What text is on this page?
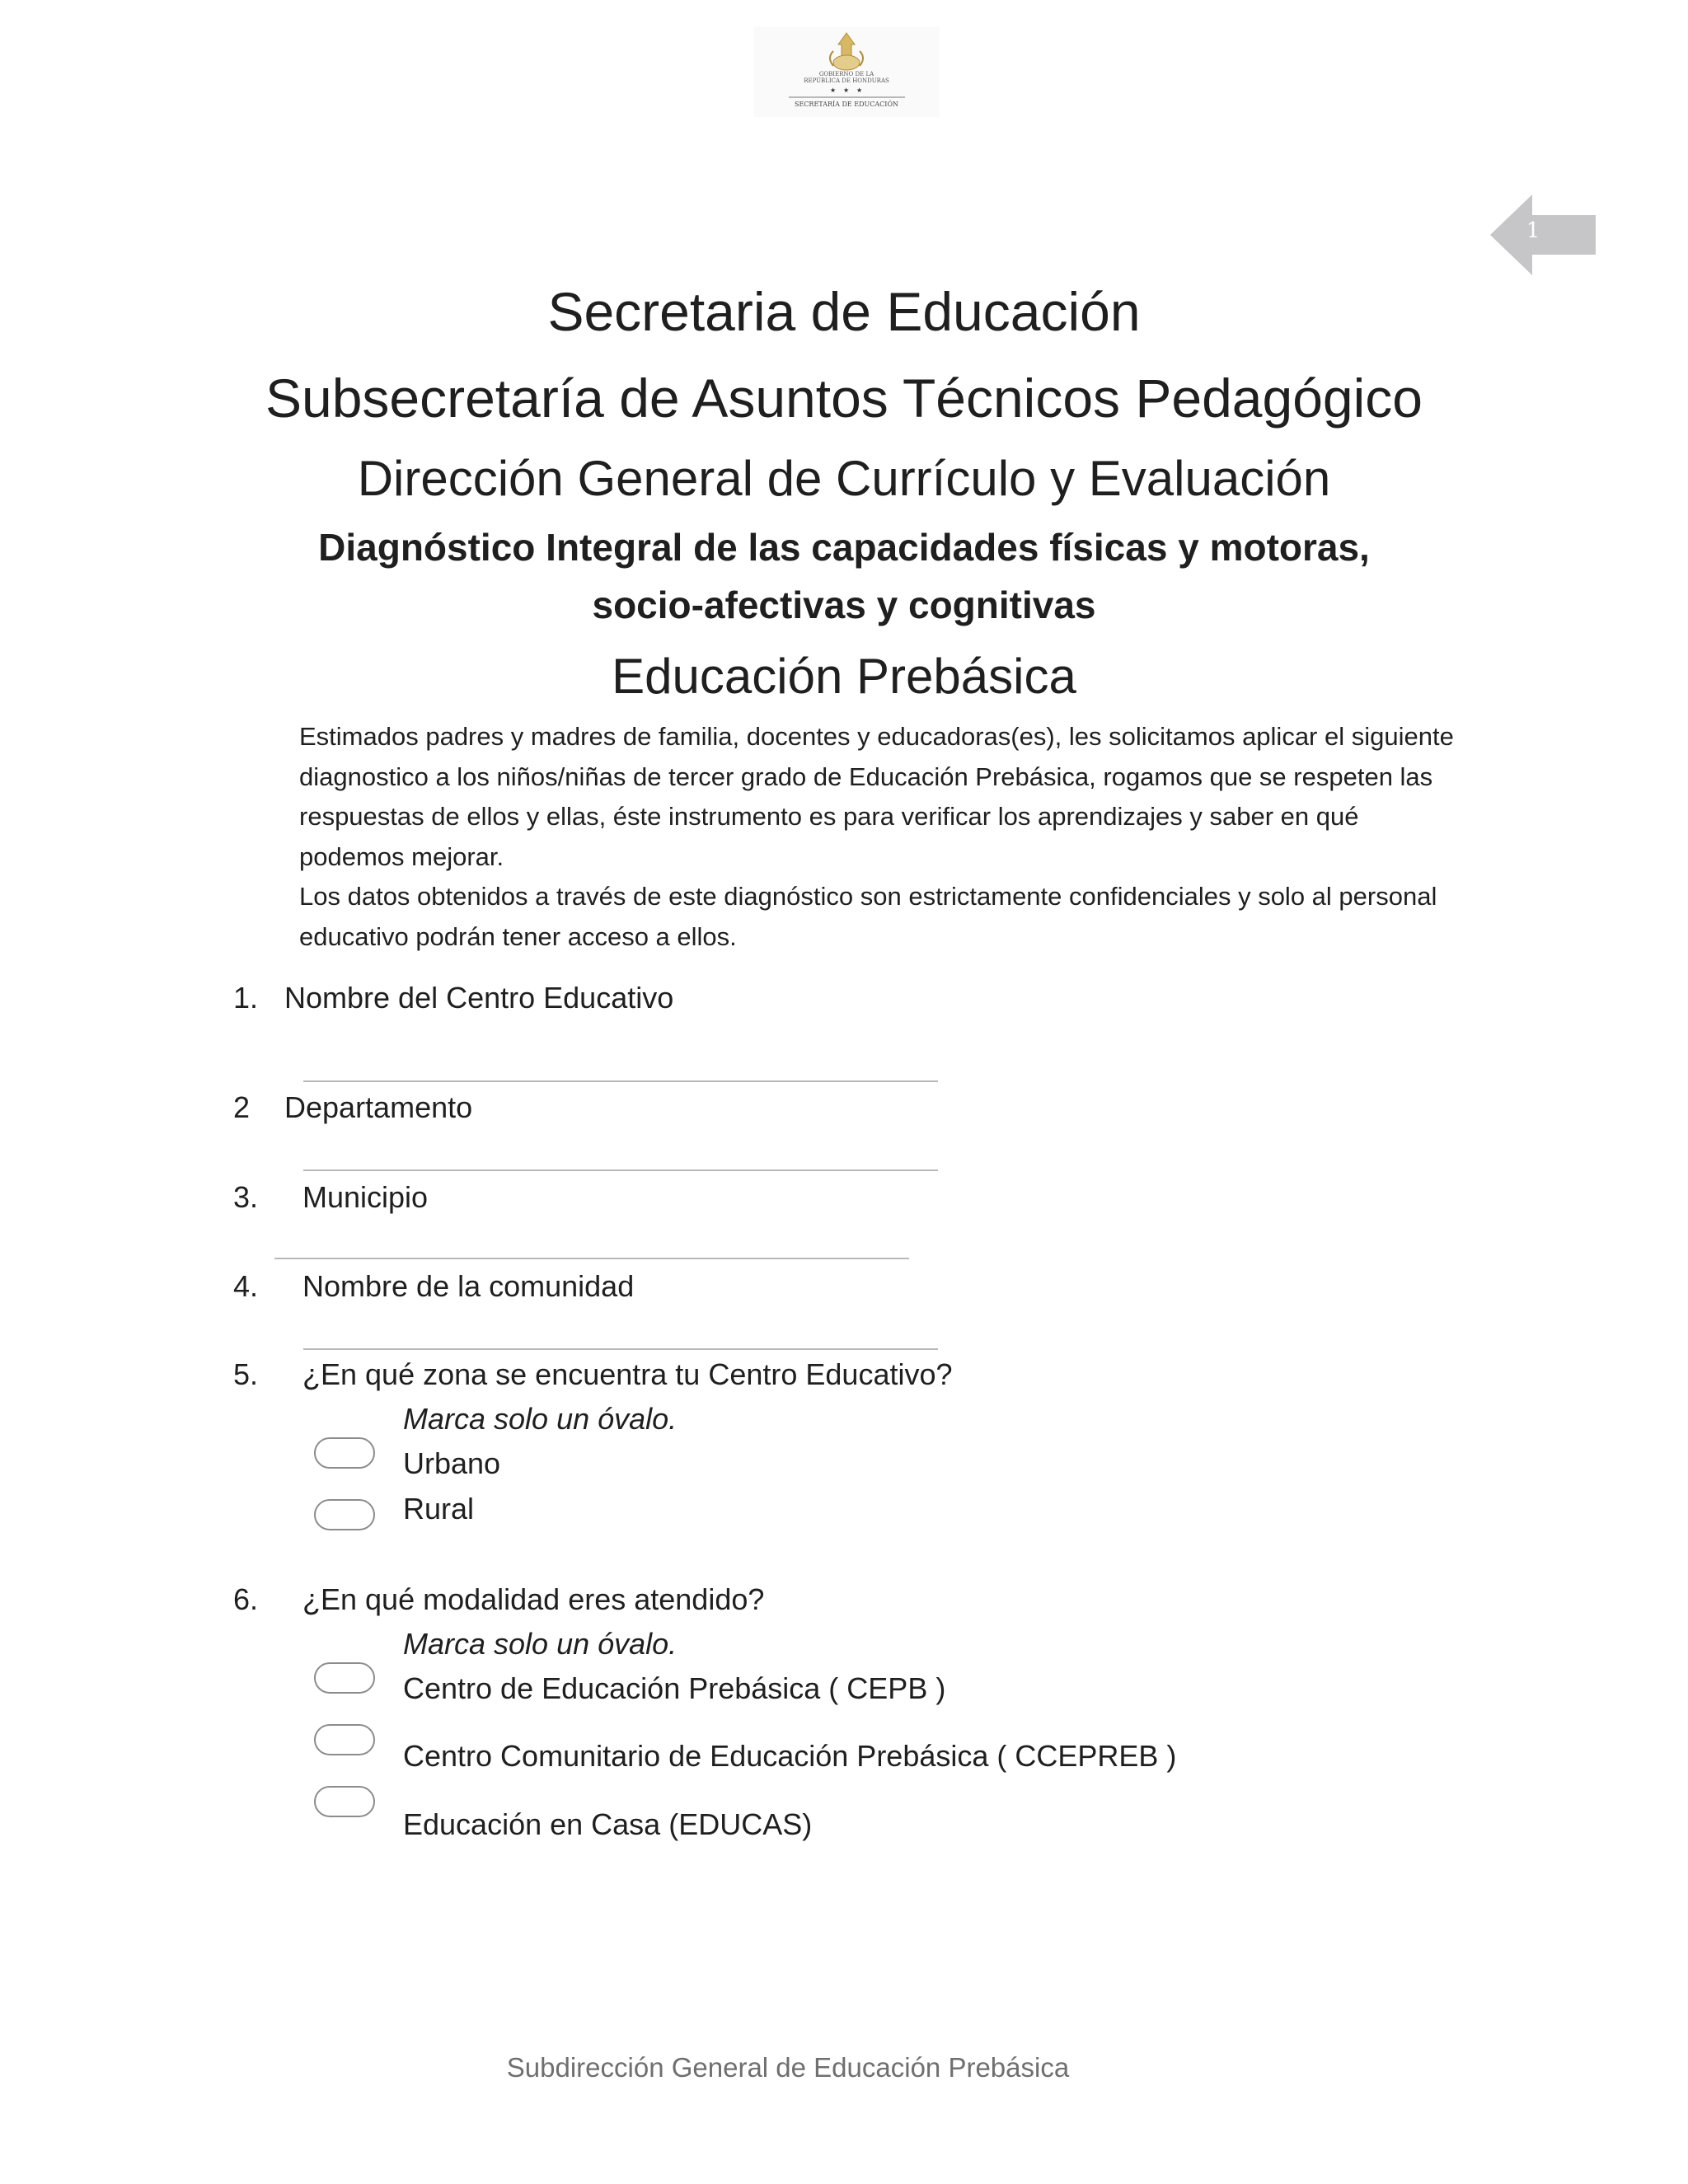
GOBIERNO DE LA
REPÚBLICA DE HONDURAS
★ ★ ★
SECRETARÍA DE EDUCACIÓN
1
Secretaria de Educación
Subsecretaría de Asuntos Técnicos Pedagógico
Dirección General de Currículo y Evaluación
Diagnóstico Integral de las capacidades físicas y motoras,
socio-afectivas y cognitivas
Educación Prebásica

Estimados padres y madres de familia, docentes y educadoras(es), les solicitamos aplicar el siguiente diagnostico a los niños/niñas de tercer grado de Educación Prebásica, rogamos que se respeten las respuestas de ellos y ellas, éste instrumento es para verificar los aprendizajes y saber en qué podemos mejorar.

Los datos obtenidos a través de este diagnóstico son estrictamente confidenciales y solo al personal educativo podrán tener acceso a ellos.

1. Nombre del Centro Educativo
2	Departamento
3.	Municipio
4.	Nombre de la comunidad
5.	¿En qué zona se encuentra tu Centro Educativo?
Marca solo un óvalo.
Urbano
Rural
6.	¿En qué modalidad eres atendido?
Marca solo un óvalo.
Centro de Educación Prebásica ( CEPB )
Centro Comunitario de Educación Prebásica ( CCEPREB )
Educación en Casa (EDUCAS)
Subdirección General de Educación Prebásica
